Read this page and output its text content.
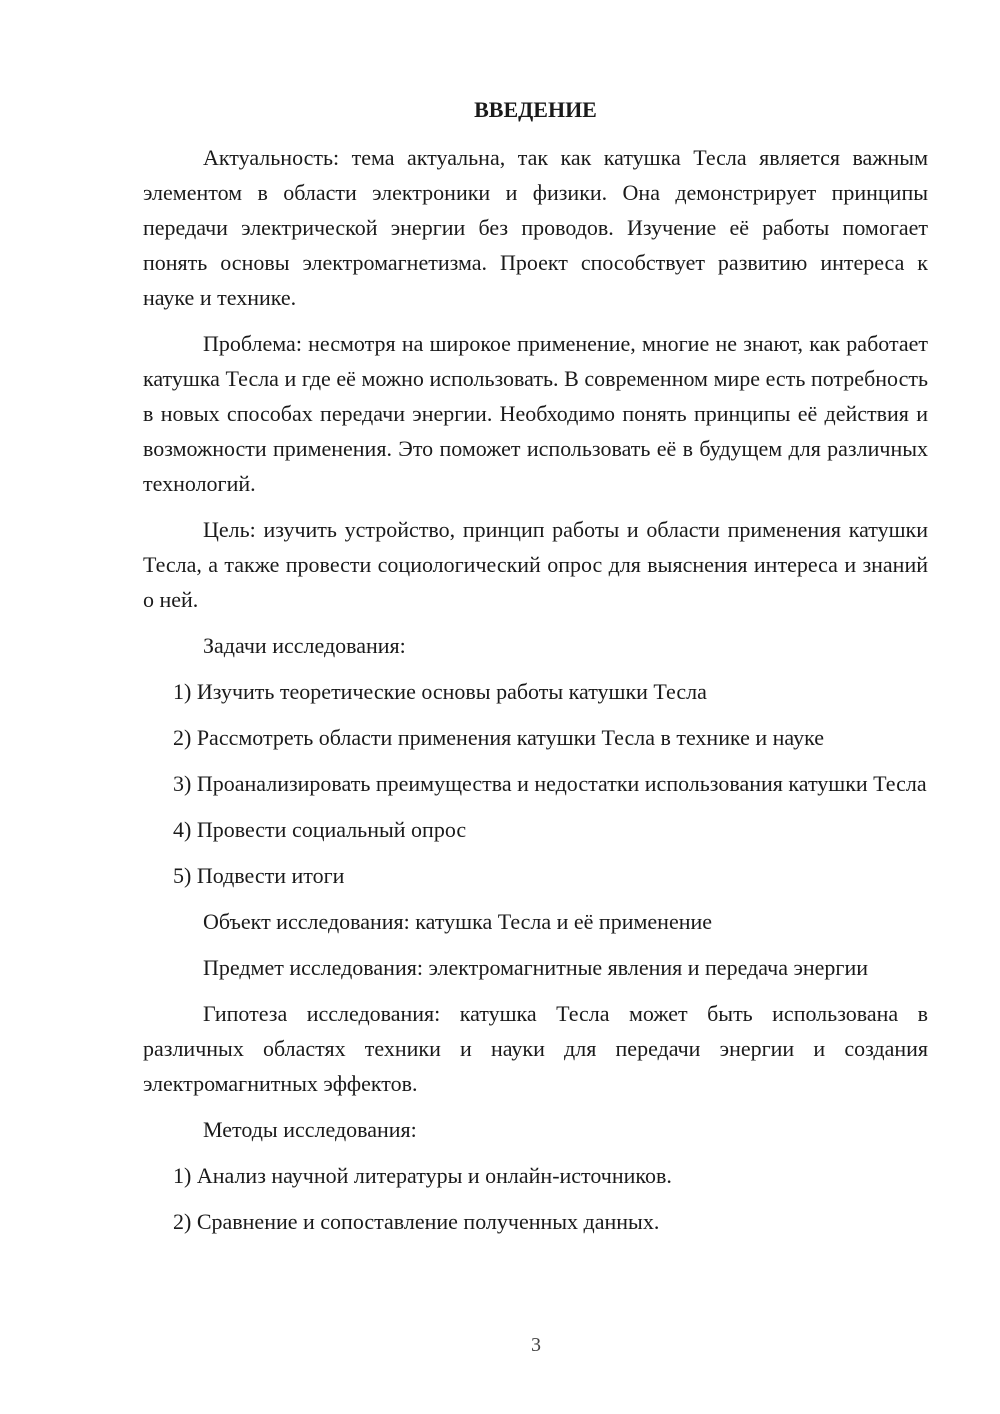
ВВЕДЕНИЕ
Актуальность: тема актуальна, так как катушка Тесла является важным элементом в области электроники и физики. Она демонстрирует принципы передачи электрической энергии без проводов. Изучение её работы помогает понять основы электромагнетизма. Проект способствует развитию интереса к науке и технике.
Проблема: несмотря на широкое применение, многие не знают, как работает катушка Тесла и где её можно использовать. В современном мире есть потребность в новых способах передачи энергии. Необходимо понять принципы её действия и возможности применения. Это поможет использовать её в будущем для различных технологий.
Цель: изучить устройство, принцип работы и области применения катушки Тесла, а также провести социологический опрос для выяснения интереса и знаний о ней.
Задачи исследования:
1) Изучить теоретические основы работы катушки Тесла
2) Рассмотреть области применения катушки Тесла в технике и науке
3) Проанализировать преимущества и недостатки использования катушки Тесла
4) Провести социальный опрос
5) Подвести итоги
Объект исследования: катушка Тесла и её применение
Предмет исследования: электромагнитные явления и передача энергии
Гипотеза исследования: катушка Тесла может быть использована в различных областях техники и науки для передачи энергии и создания электромагнитных эффектов.
Методы исследования:
1) Анализ научной литературы и онлайн-источников.
2) Сравнение и сопоставление полученных данных.
3
